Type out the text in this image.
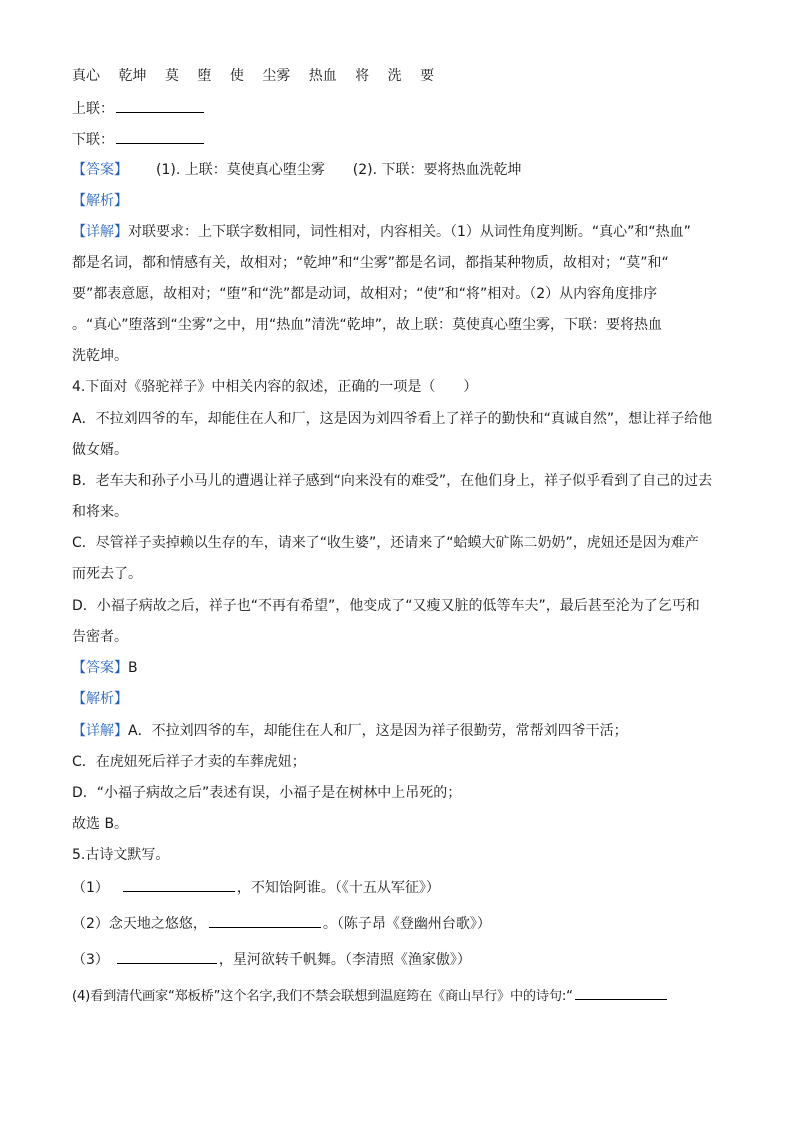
真心 乾坤 莫 堕 使 尘雾 热血 将 洗 要
上联：
下联：
【答案】 (1). 上联：莫使真心堕尘雾 (2). 下联：要将热血洗乾坤
【解析】
【详解】对联要求：上下联字数相同，词性相对，内容相关。（1）从词性角度判断。“真心”和“热血”
都是名词，都和情感有关，故相对；“乾坤”和“尘雾”都是名词，都指某种物质，故相对；“莫”和“
要”都表意愿，故相对；“堕”和“洗”都是动词，故相对；“使”和“将”相对。（2）从内容角度排序
。“真心”堕落到“尘雾”之中，用“热血”清洗“乾坤”，故上联：莫使真心堕尘雾，下联：要将热血
洗乾坤。
4.下面对《骆驼祥子》中相关内容的叙述，正确的一项是（　　）
A．不拉刘四爷的车，却能住在人和厂，这是因为刘四爷看上了祥子的勤快和“真诚自然”，想让祥子给他
做女婿。
B．老车夫和孙子小马儿的遭遇让祥子感到“向来没有的难受”，在他们身上，祥子似乎看到了自己的过去
和将来。
C．尽管祥子卖掉赖以生存的车，请来了“收生婆”，还请来了“蛤蟆大矿陈二奶奶”，虎妞还是因为难产
而死去了。
D．小福子病故之后，祥子也“不再有希望”，他变成了“又瘦又脏的低等车夫”，最后甚至沦为了乞丐和
告密者。
【答案】B
【解析】
【详解】A．不拉刘四爷的车，却能住在人和厂，这是因为祥子很勤劳，常帮刘四爷干活；
C．在虎妞死后祥子才卖的车葬虎妞；
D．“小福子病故之后”表述有误，小福子是在树林中上吊死的；
故选 B。
5.古诗文默写。
（1）	，不知饴阿谁。（《十五从军征》）
（2）念天地之悠悠，	。（陈子昂《登幽州台歌》）
（3）	，星河欲转千帆舞。（李清照《渔家傲》）
(4)看到清代画家“郑板桥”这个名字,我们不禁会联想到温庭筠在《商山早行》中的诗句:“
